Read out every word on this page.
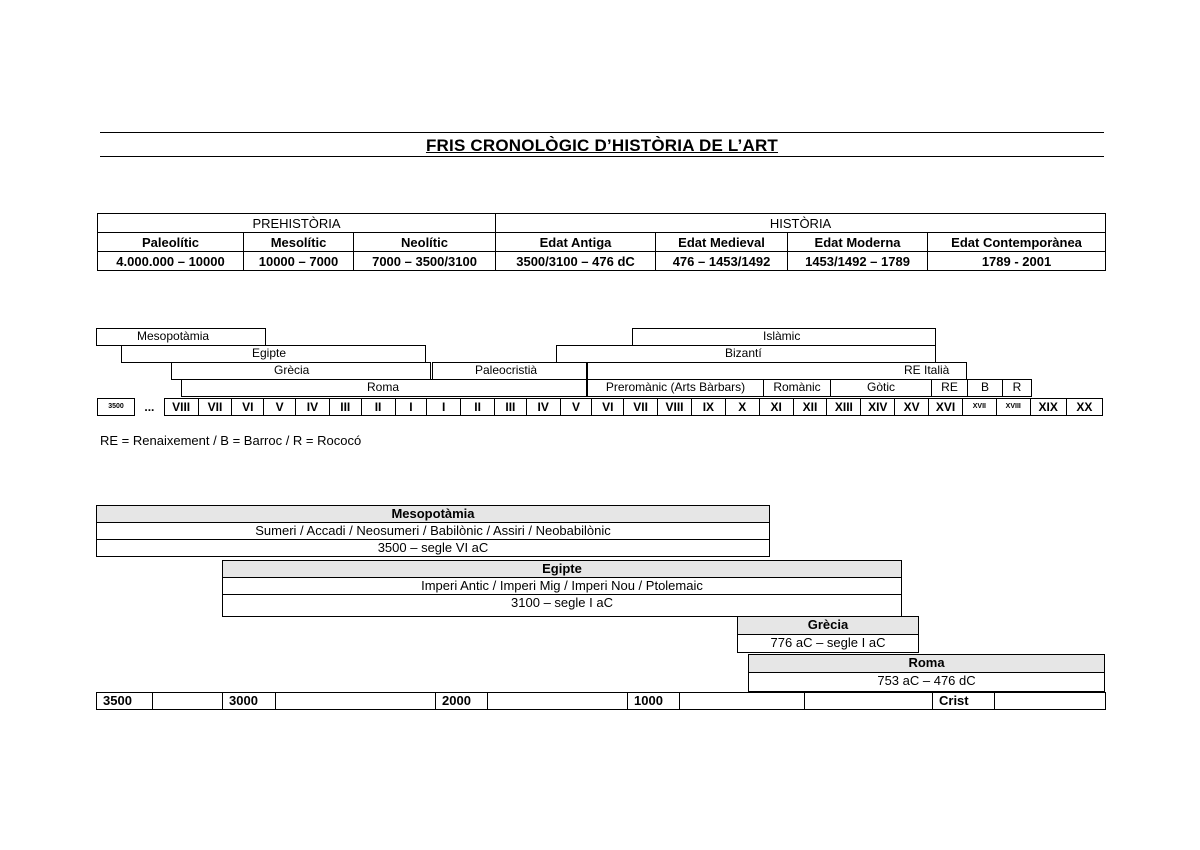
FRIS CRONOLÒGIC D’HISTÒRIA DE L’ART
PREHISTÒRIA			HISTÒRIA			
Paleolític	Mesolític	Neolític	Edat Antiga	Edat Medieval	Edat Moderna	Edat Contemporànea
4.000.000 – 10000	10000 – 7000	7000 – 3500/3100	3500/3100 – 476 dC	476 – 1453/1492	1453/1492 – 1789	1789 - 2001
Mesopotàmia	Islàmic
Egipte	Bizantí
Grècia	Paleocristià	RE Italià
Roma	Preromànic (Arts Bàrbars)	Romànic	Gòtic	RE	B	R
3500	...	VIII	VII	VI	V	IV	III	II	I	I	II	III	IV	V	VI	VII	VIII	IX	X	XI	XII	XIII	XIV	XV	XVI	XVII	XVIII	XIX	XX
RE = Renaixement / B = Barroc / R = Rococó
Mesopotàmia
Sumeri / Accadi / Neosumeri / Babilònic / Assiri / Neobabilònic
3500 – segle VI aC
Egipte
Imperi Antic / Imperi Mig / Imperi Nou / Ptolemaic
3100 – segle I aC
Grècia
776 aC – segle I aC
Roma
753 aC – 476 dC
3500		3000		2000		1000			Crist	
